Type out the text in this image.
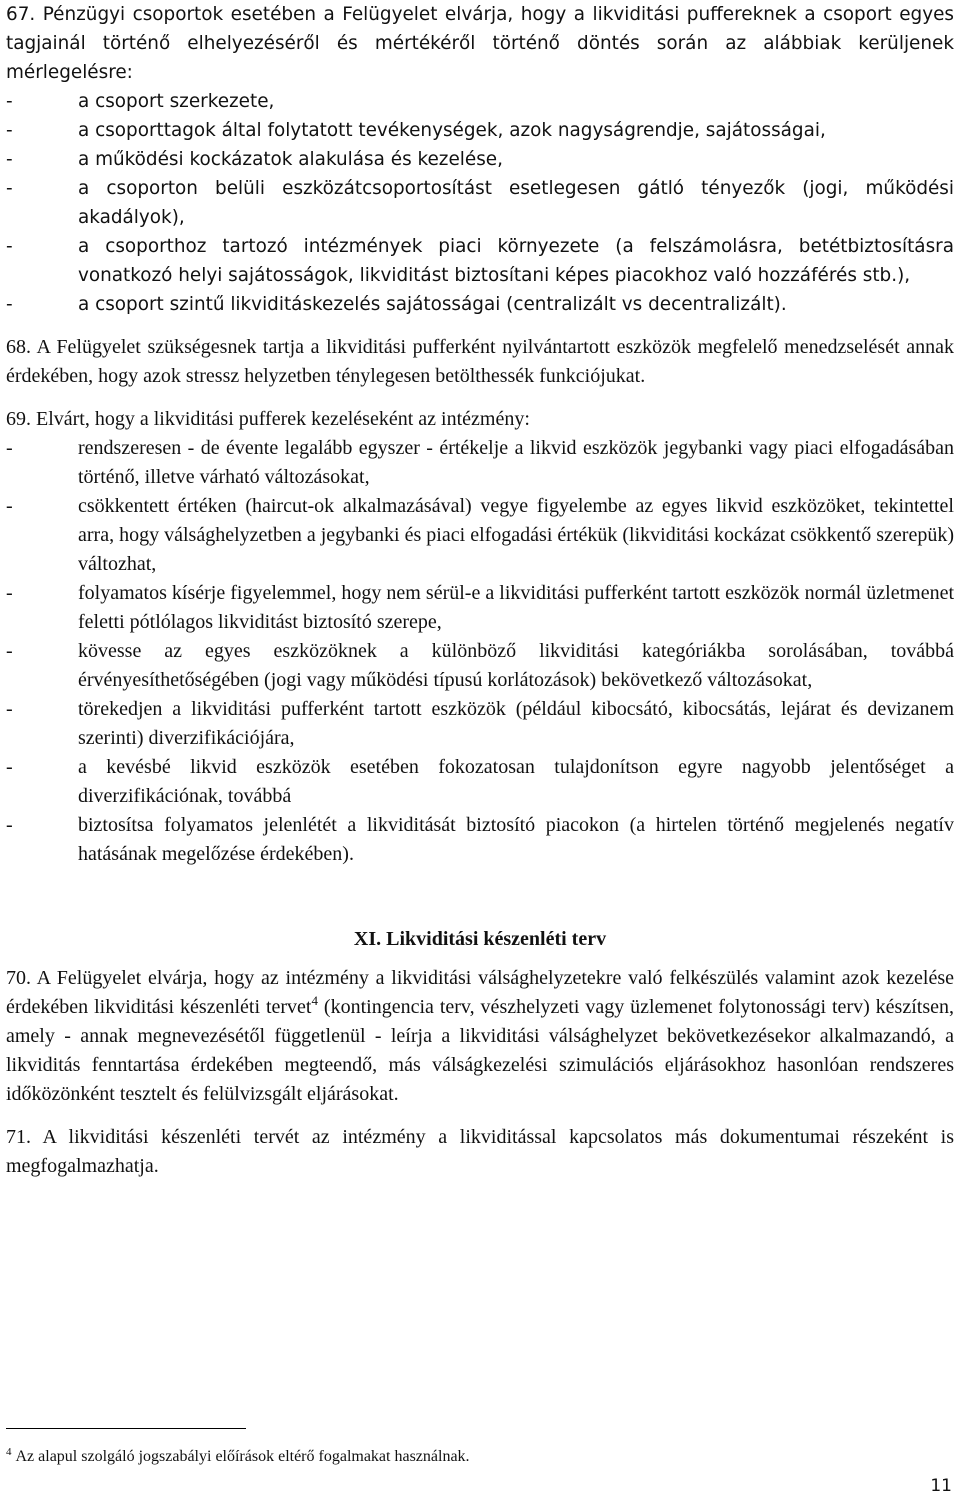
67. Pénzügyi csoportok esetében a Felügyelet elvárja, hogy a likviditási puffereknek a csoport egyes tagjainál történő elhelyezéséről és mértékéről történő döntés során az alábbiak kerüljenek mérlegelésre:

-	a csoport szerkezete,
-	a csoporttagok által folytatott tevékenységek, azok nagyságrendje, sajátosságai,
-	a működési kockázatok alakulása és kezelése,
-	a csoporton belüli eszközátcsoportosítást esetlegesen gátló tényezők (jogi, működési akadályok),
-	a csoporthoz tartozó intézmények piaci környezete (a felszámolásra, betétbiztosításra vonatkozó helyi sajátosságok, likviditást biztosítani képes piacokhoz való hozzáférés stb.),
-	a csoport szintű likviditáskezelés sajátosságai (centralizált vs decentralizált).

68. A Felügyelet szükségesnek tartja a likviditási pufferként nyilvántartott eszközök megfelelő menedzselését annak érdekében, hogy azok stressz helyzetben ténylegesen betölthessék funkciójukat.

69. Elvárt, hogy a likviditási pufferek kezeléseként az intézmény:

-	rendszeresen - de évente legalább egyszer - értékelje a likvid eszközök jegybanki vagy piaci elfogadásában történő, illetve várható változásokat,
-	csökkentett értéken (haircut-ok alkalmazásával) vegye figyelembe az egyes likvid eszközöket, tekintettel arra, hogy válsághelyzetben a jegybanki és piaci elfogadási értékük (likviditási kockázat csökkentő szerepük) változhat,
-	folyamatos kísérje figyelemmel, hogy nem sérül-e a likviditási pufferként tartott eszközök normál üzletmenet feletti pótlólagos likviditást biztosító szerepe,
-	kövesse az egyes eszközöknek a különböző likviditási kategóriákba sorolásában, továbbá érvényesíthetőségében (jogi vagy működési típusú korlátozások) bekövetkező változásokat,
-	törekedjen a likviditási pufferként tartott eszközök (például kibocsátó, kibocsátás, lejárat és devizanem szerinti) diverzifikációjára,
-	a kevésbé likvid eszközök esetében fokozatosan tulajdonítson egyre nagyobb jelentőséget a diverzifikációnak, továbbá
-	biztosítsa folyamatos jelenlétét a likviditását biztosító piacokon (a hirtelen történő megjelenés negatív hatásának megelőzése érdekében).

XI. Likviditási készenléti terv

70. A Felügyelet elvárja, hogy az intézmény a likviditási válsághelyzetekre való felkészülés valamint azok kezelése érdekében likviditási készenléti tervet$^4$ (kontingencia terv, vészhelyzeti vagy üzlemenet folytonossági terv) készítsen, amely - annak megnevezésétől függetlenül - leírja a likviditási válsághelyzet bekövetkezésekor alkalmazandó, a likviditás fenntartása érdekében megteendő, más válságkezelési szimulációs eljárásokhoz hasonlóan rendszeres időközönként tesztelt és felülvizsgált eljárásokat.

71. A likviditási készenléti tervét az intézmény a likviditással kapcsolatos más dokumentumai részeként is megfogalmazhatja.

$^4$ Az alapul szolgáló jogszabályi előírások eltérő fogalmakat használnak.
11
